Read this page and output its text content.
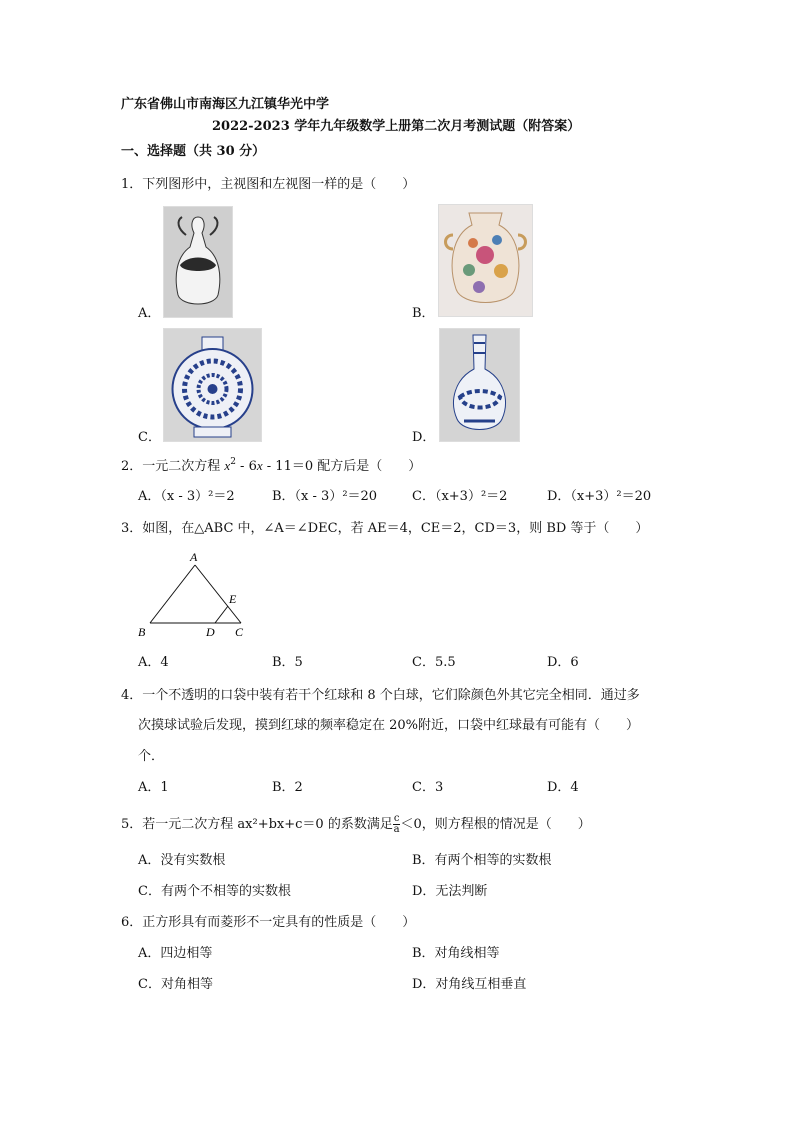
广东省佛山市南海区九江镇华光中学
2022-2023 学年九年级数学上册第二次月考测试题（附答案）
一、选择题（共 30 分）
1．下列图形中，主视图和左视图一样的是（　　）
A．	B．
C．	D．
2．一元二次方程 $x^2 - 6x - 11=0$ 配方后是（　　）
A．（x - 3）²＝2	B．（x - 3）²＝20	C．（x+3）²＝2	D．（x+3）²＝20
3．如图，在△ABC 中，∠A＝∠DEC，若 AE＝4，CE＝2，CD＝3，则 BD 等于（　　）
A
B	D C
E
A．4	B．5	C．5.5	D．6
4．一个不透明的口袋中装有若干个红球和 8 个白球，它们除颜色外其它完全相同．通过多
次摸球试验后发现，摸到红球的频率稳定在 20%附近，口袋中红球最有可能有（　　）
个．
A．1	B．2	C．3	D．4
5．若一元二次方程 ax²+bx+c＝0 的系数满足 $\frac{c}{a} <0$，则方程根的情况是（　　）
A．没有实数根	B．有两个相等的实数根
C．有两个不相等的实数根	D．无法判断
6．正方形具有而菱形不一定具有的性质是（　　）
A．四边相等	B．对角线相等
C．对角相等	D．对角线互相垂直
